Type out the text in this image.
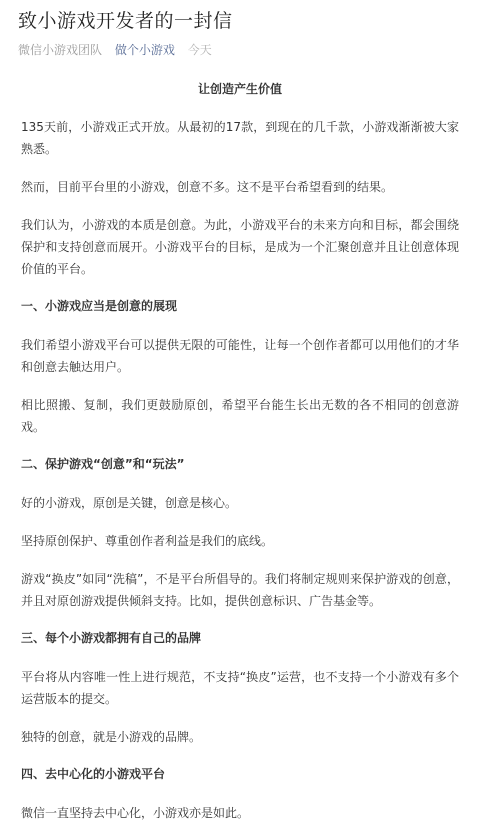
致小游戏开发者的一封信
微信小游戏团队 做个小游戏 今天
让创造产生价值

135天前，小游戏正式开放。从最初的17款，到现在的几千款，小游戏渐渐被大家熟悉。

然而，目前平台里的小游戏，创意不多。这不是平台希望看到的结果。

我们认为，小游戏的本质是创意。为此，小游戏平台的未来方向和目标，都会围绕保护和支持创意而展开。小游戏平台的目标，是成为一个汇聚创意并且让创意体现价值的平台。

一、小游戏应当是创意的展现

我们希望小游戏平台可以提供无限的可能性，让每一个创作者都可以用他们的才华和创意去触达用户。

相比照搬、复制，我们更鼓励原创，希望平台能生长出无数的各不相同的创意游戏。

二、保护游戏“创意”和“玩法”

好的小游戏，原创是关键，创意是核心。

坚持原创保护、尊重创作者利益是我们的底线。

游戏“换皮”如同“洗稿”，不是平台所倡导的。我们将制定规则来保护游戏的创意，并且对原创游戏提供倾斜支持。比如，提供创意标识、广告基金等。

三、每个小游戏都拥有自己的品牌

平台将从内容唯一性上进行规范，不支持“换皮”运营，也不支持一个小游戏有多个运营版本的提交。

独特的创意，就是小游戏的品牌。

四、去中心化的小游戏平台

微信一直坚持去中心化，小游戏亦是如此。
